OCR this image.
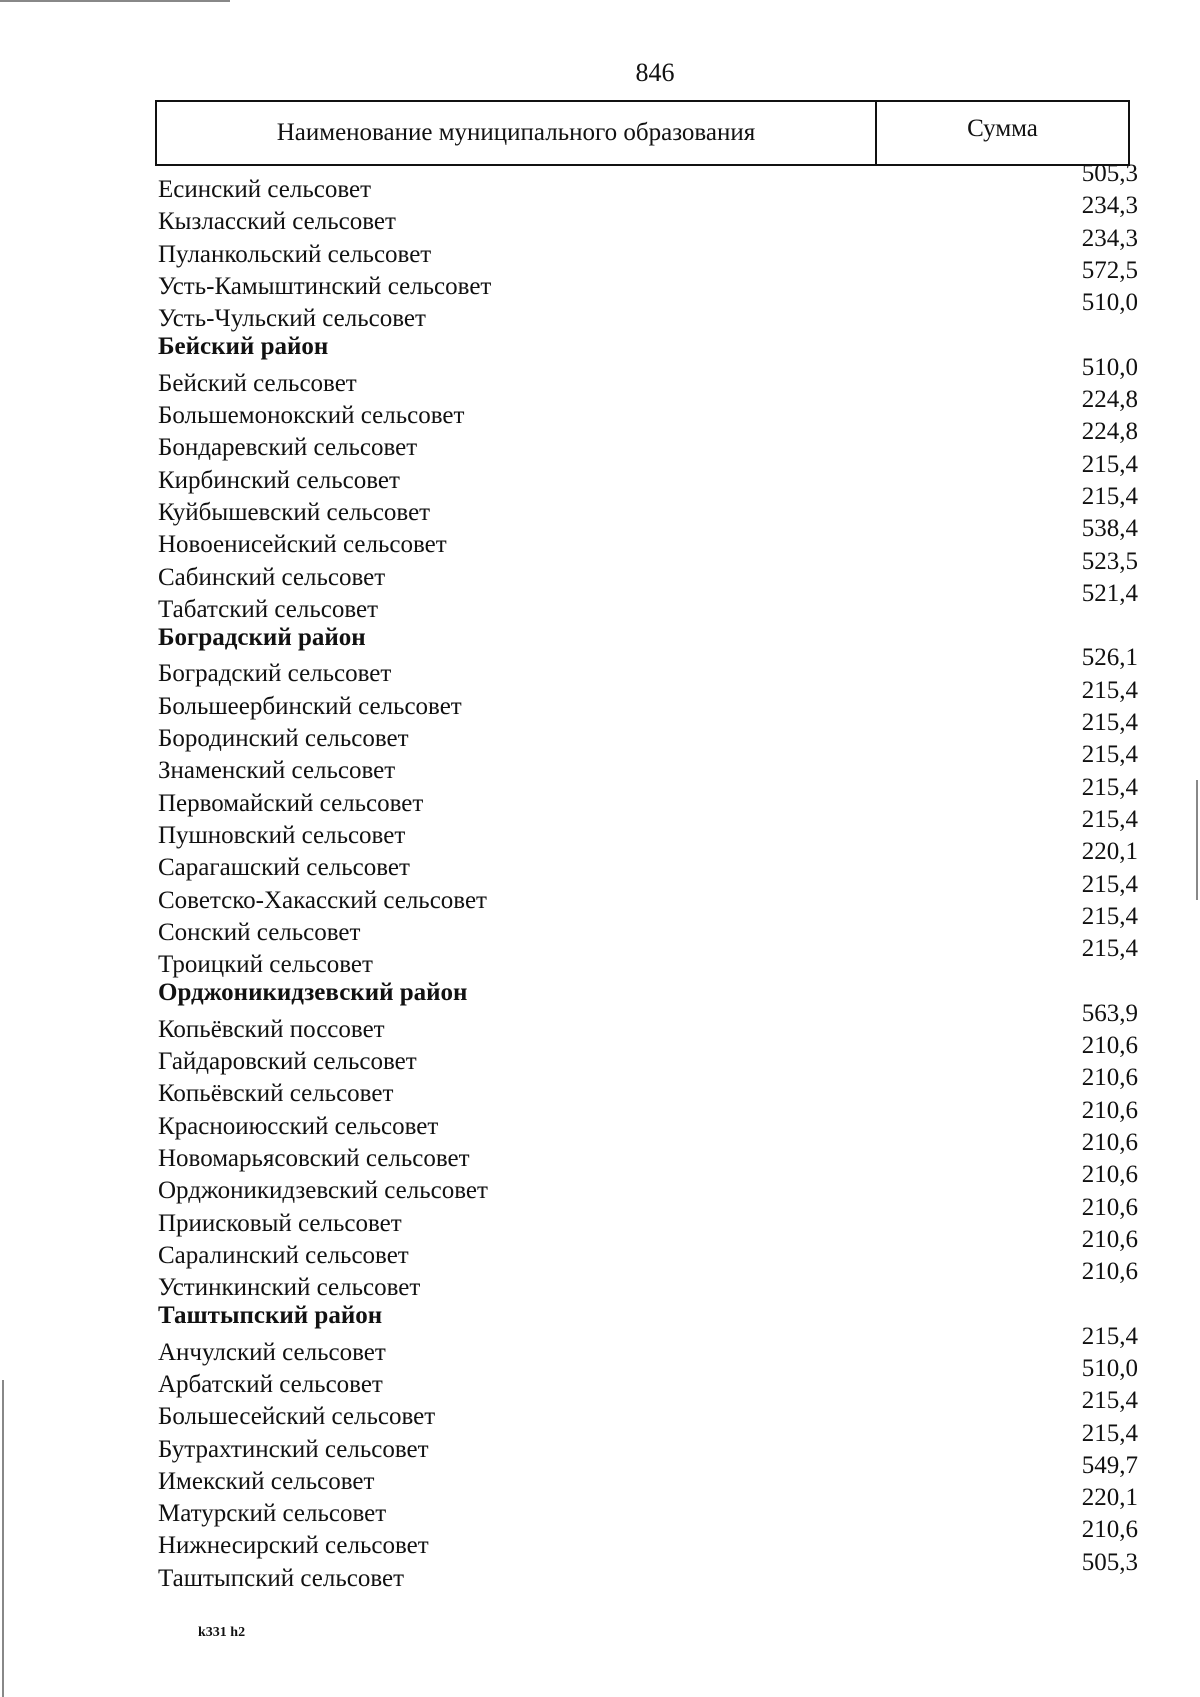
846
Наименование муниципального образования	Сумма
Есинский сельсовет
505,3
Кызласский сельсовет
234,3
Пуланкольский сельсовет
234,3
Усть-Камыштинский сельсовет
572,5
Усть-Чульский сельсовет
510,0
Бейский район
Бейский сельсовет
510,0
Большемонокский сельсовет
224,8
Бондаревский сельсовет
224,8
Кирбинский сельсовет
215,4
Куйбышевский сельсовет
215,4
Новоенисейский сельсовет
538,4
Сабинский сельсовет
523,5
Табатский сельсовет
521,4
Боградский район
Боградский сельсовет
526,1
Большеербинский сельсовет
215,4
Бородинский сельсовет
215,4
Знаменский сельсовет
215,4
Первомайский сельсовет
215,4
Пушновский сельсовет
215,4
Сарагашский сельсовет
220,1
Советско-Хакасский сельсовет
215,4
Сонский сельсовет
215,4
Троицкий сельсовет
215,4
Орджоникидзевский район
Копьёвский поссовет
563,9
Гайдаровский сельсовет
210,6
Копьёвский сельсовет
210,6
Красноиюсский сельсовет
210,6
Новомарьясовский сельсовет
210,6
Орджоникидзевский сельсовет
210,6
Приисковый сельсовет
210,6
Саралинский сельсовет
210,6
Устинкинский сельсовет
210,6
Таштыпский район
Анчулский сельсовет
215,4
Арбатский сельсовет
510,0
Большесейский сельсовет
215,4
Бутрахтинский сельсовет
215,4
Имекский сельсовет
549,7
Матурский сельсовет
220,1
Нижнесирский сельсовет
210,6
Таштыпский сельсовет
505,3
k331 h2
